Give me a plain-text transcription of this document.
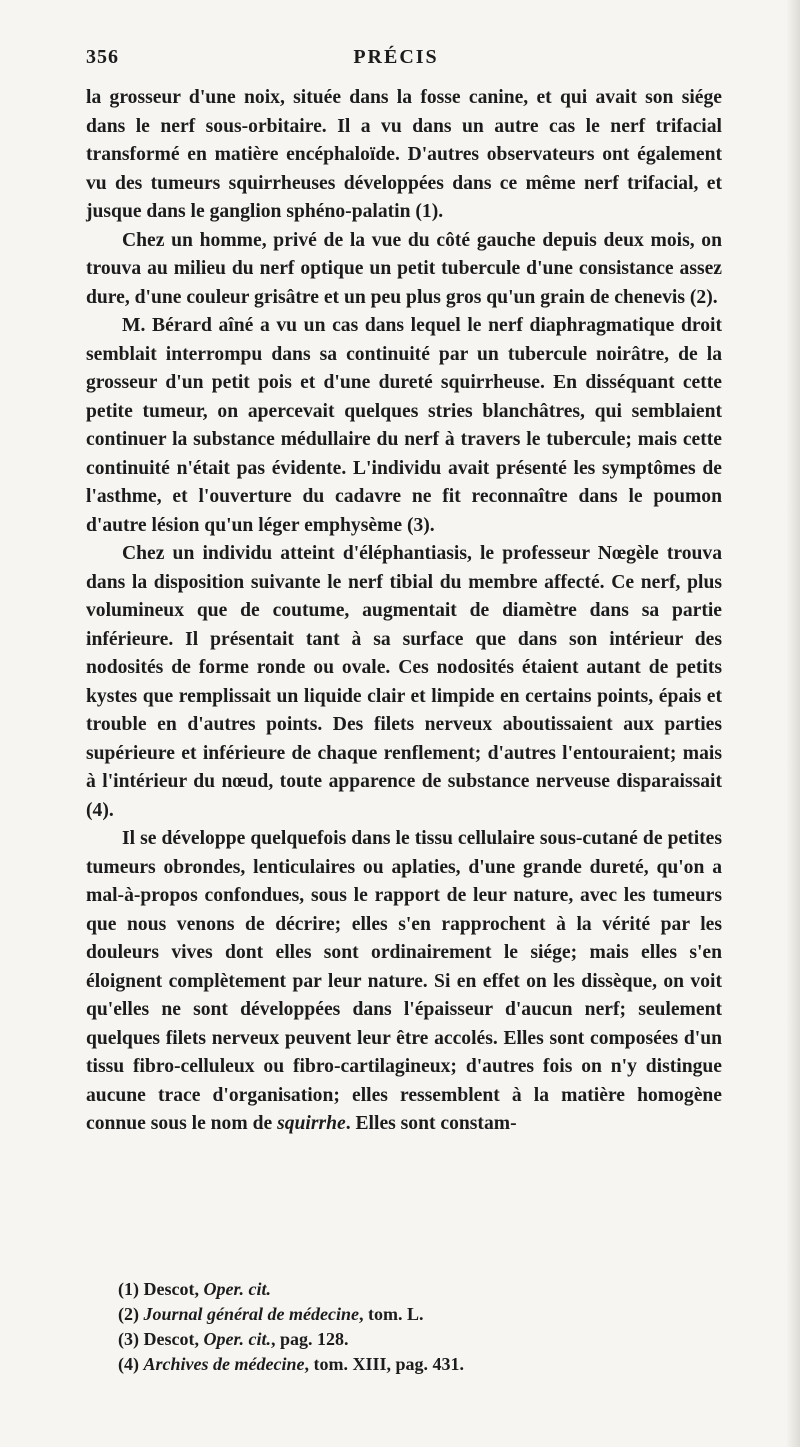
356	PRÉCIS

la grosseur d'une noix, située dans la fosse canine, et qui avait son siége dans le nerf sous-orbitaire. Il a vu dans un autre cas le nerf trifacial transformé en matière encéphaloïde. D'autres observateurs ont également vu des tumeurs squirrheuses développées dans ce même nerf trifacial, et jusque dans le ganglion sphéno-palatin (1).

Chez un homme, privé de la vue du côté gauche depuis deux mois, on trouva au milieu du nerf optique un petit tubercule d'une consistance assez dure, d'une couleur grisâtre et un peu plus gros qu'un grain de chenevis (2).

M. Bérard aîné a vu un cas dans lequel le nerf diaphragmatique droit semblait interrompu dans sa continuité par un tubercule noirâtre, de la grosseur d'un petit pois et d'une dureté squirrheuse. En disséquant cette petite tumeur, on apercevait quelques stries blanchâtres, qui semblaient continuer la substance médullaire du nerf à travers le tubercule; mais cette continuité n'était pas évidente. L'individu avait présenté les symptômes de l'asthme, et l'ouverture du cadavre ne fit reconnaître dans le poumon d'autre lésion qu'un léger emphysème (3).

Chez un individu atteint d'éléphantiasis, le professeur Nœgèle trouva dans la disposition suivante le nerf tibial du membre affecté. Ce nerf, plus volumineux que de coutume, augmentait de diamètre dans sa partie inférieure. Il présentait tant à sa surface que dans son intérieur des nodosités de forme ronde ou ovale. Ces nodosités étaient autant de petits kystes que remplissait un liquide clair et limpide en certains points, épais et trouble en d'autres points. Des filets nerveux aboutissaient aux parties supérieure et inférieure de chaque renflement; d'autres l'entouraient; mais à l'intérieur du nœud, toute apparence de substance nerveuse disparaissait (4).

Il se développe quelquefois dans le tissu cellulaire sous-cutané de petites tumeurs obrondes, lenticulaires ou aplaties, d'une grande dureté, qu'on a mal-à-propos confondues, sous le rapport de leur nature, avec les tumeurs que nous venons de décrire; elles s'en rapprochent à la vérité par les douleurs vives dont elles sont ordinairement le siége; mais elles s'en éloignent complètement par leur nature. Si en effet on les dissèque, on voit qu'elles ne sont développées dans l'épaisseur d'aucun nerf; seulement quelques filets nerveux peuvent leur être accolés. Elles sont composées d'un tissu fibro-celluleux ou fibro-cartilagineux; d'autres fois on n'y distingue aucune trace d'organisation; elles ressemblent à la matière homogène connue sous le nom de squirrhe. Elles sont constam-

(1) Descot, Oper. cit.

(2) Journal général de médecine, tom. L.

(3) Descot, Oper. cit., pag. 128.

(4) Archives de médecine, tom. XIII, pag. 431.
